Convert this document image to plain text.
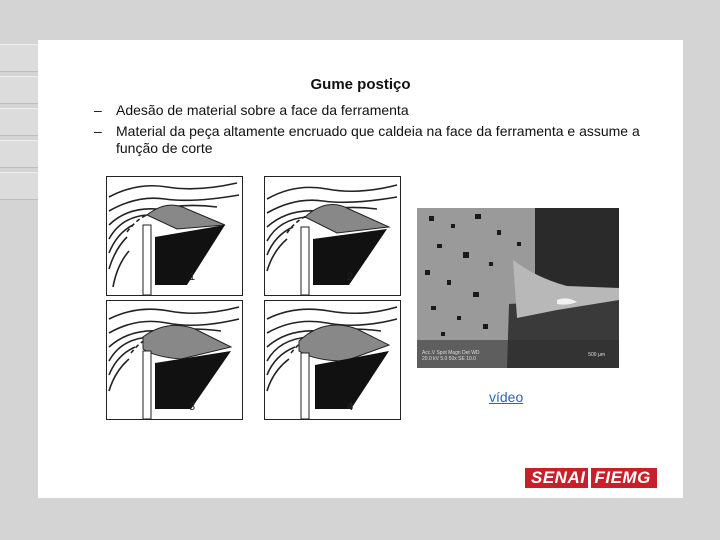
Gume postiço
– Adesão de material sobre a face da ferramenta
– Material da peça altamente encruado que caldeia na face da ferramenta e assume a função de corte
1	2
3	4
Acc.V Spot Magn Det WD
20.0 kV 5.0 50x SE 10.0
500 µm
vídeo
SENAI FIEMG
